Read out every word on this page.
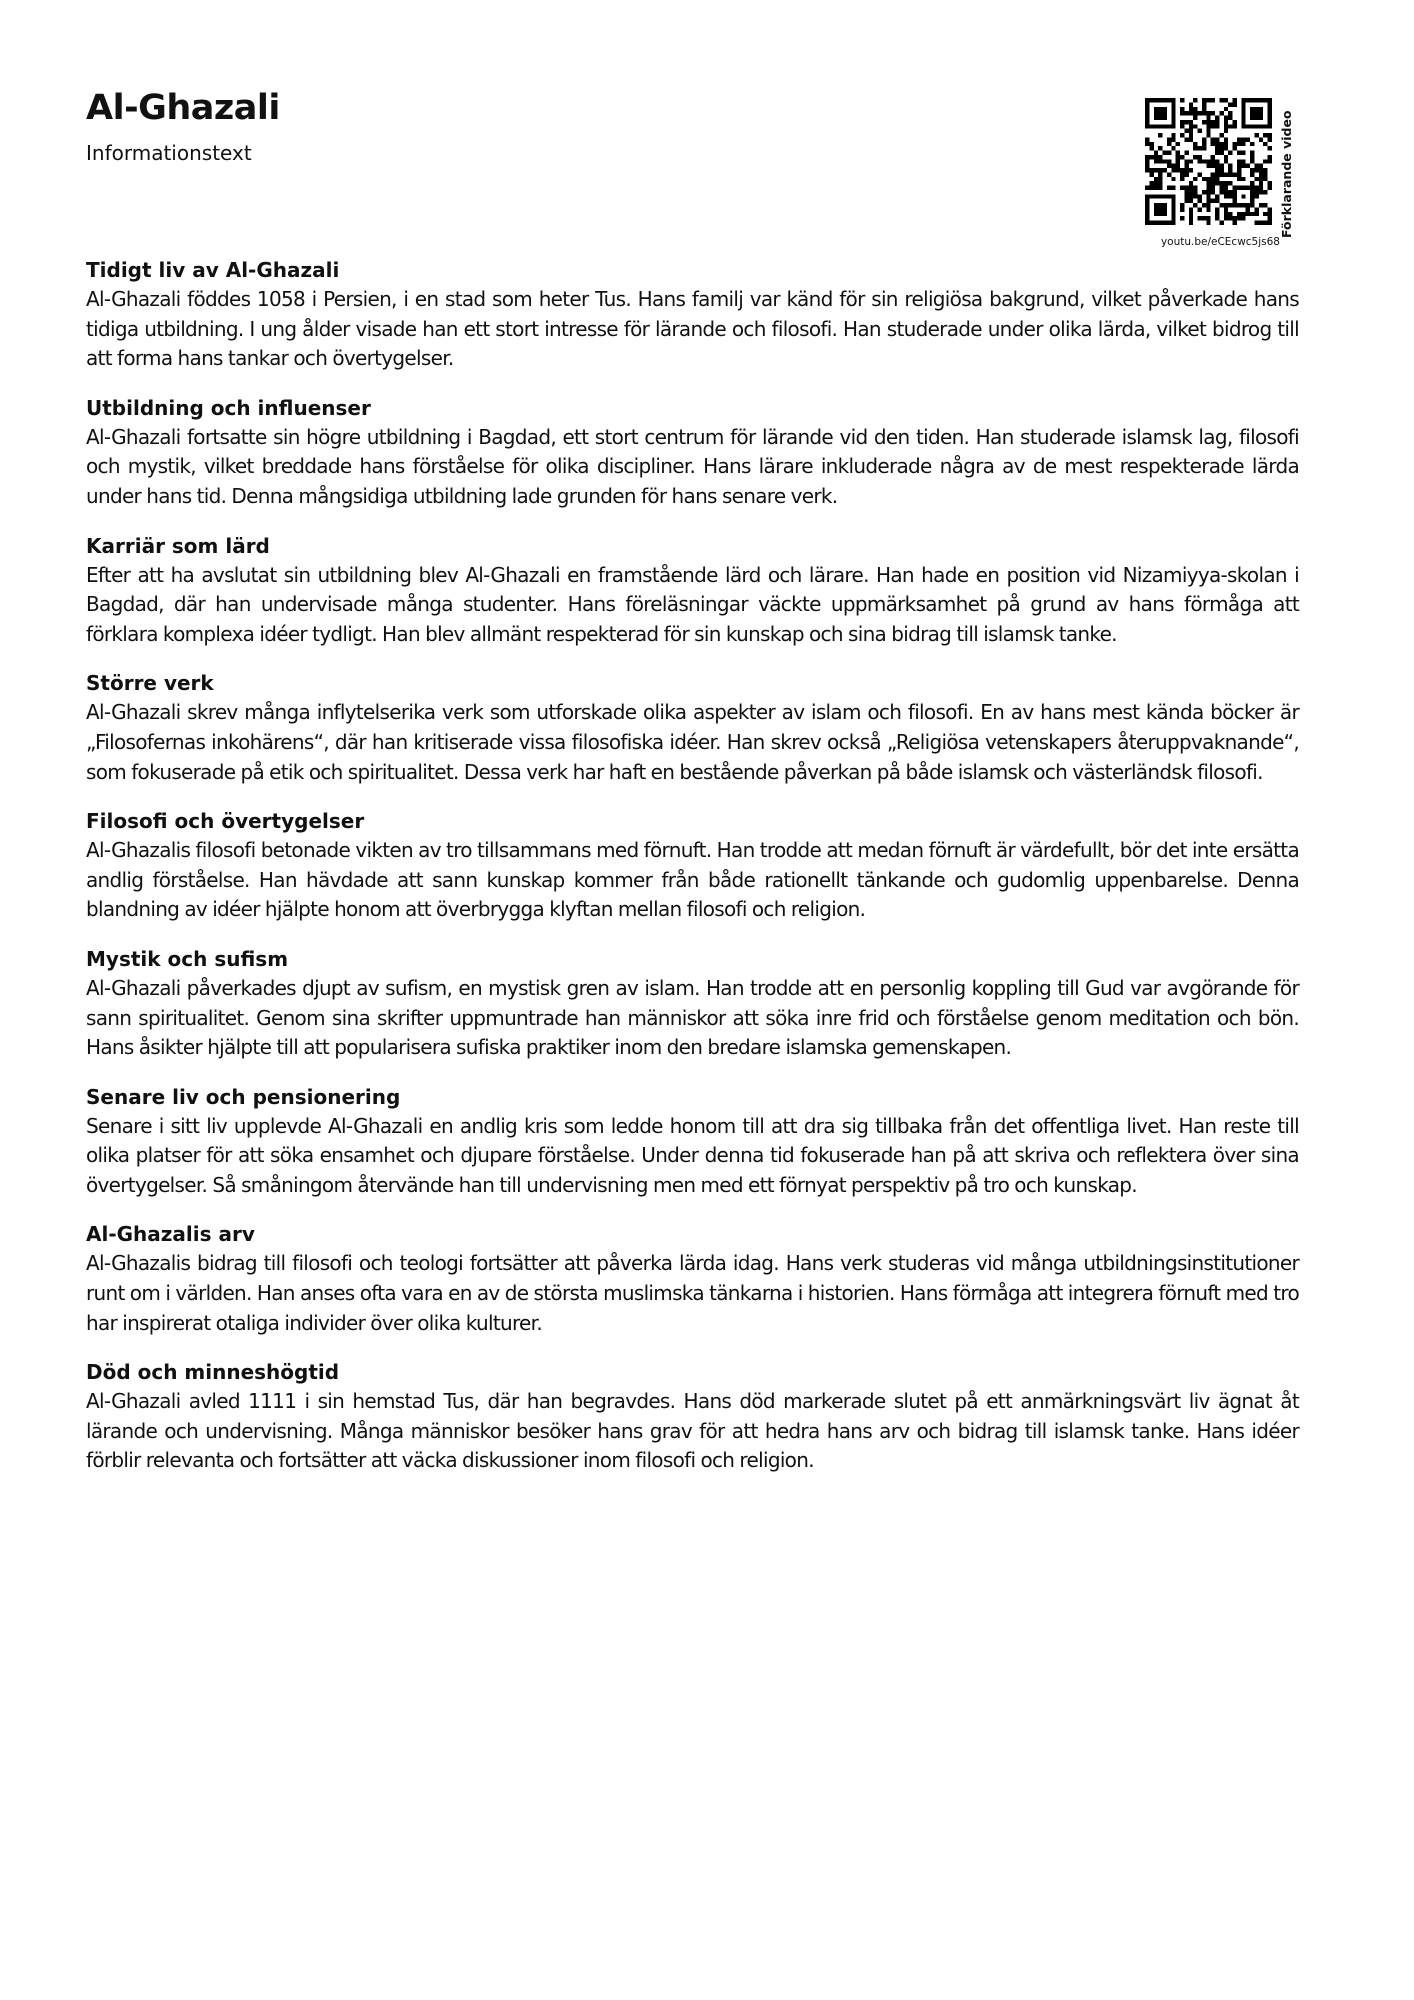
Al-Ghazali
Informationstext	Förklarande video
youtu.be/eCEcwc5js68
Tidigt liv av Al-Ghazali

Al-Ghazali föddes 1058 i Persien, i en stad som heter Tus. Hans familj var känd för sin religiösa bakgrund, vilket påverkade hans tidiga utbildning. I ung ålder visade han ett stort intresse för lärande och filosofi. Han studerade under olika lärda, vilket bidrog till att forma hans tankar och övertygelser.

Utbildning och influenser

Al-Ghazali fortsatte sin högre utbildning i Bagdad, ett stort centrum för lärande vid den tiden. Han studerade islamsk lag, filosofi och mystik, vilket breddade hans förståelse för olika discipliner. Hans lärare inkluderade några av de mest respekterade lärda under hans tid. Denna mångsidiga utbildning lade grunden för hans senare verk.

Karriär som lärd

Efter att ha avslutat sin utbildning blev Al-Ghazali en framstående lärd och lärare. Han hade en position vid Nizamiyya-skolan i Bagdad, där han undervisade många studenter. Hans föreläsningar väckte uppmärksamhet på grund av hans förmåga att förklara komplexa idéer tydligt. Han blev allmänt respekterad för sin kunskap och sina bidrag till islamsk tanke.

Större verk

Al-Ghazali skrev många inflytelserika verk som utforskade olika aspekter av islam och filosofi. En av hans mest kända böcker är „Filosofernas inkohärens“, där han kritiserade vissa filosofiska idéer. Han skrev också „Religiösa vetenskapers återuppvaknande“, som fokuserade på etik och spiritualitet. Dessa verk har haft en bestående påverkan på både islamsk och västerländsk filosofi.

Filosofi och övertygelser

Al-Ghazalis filosofi betonade vikten av tro tillsammans med förnuft. Han trodde att medan förnuft är värdefullt, bör det inte ersätta andlig förståelse. Han hävdade att sann kunskap kommer från både rationellt tänkande och gudomlig uppenbarelse. Denna blandning av idéer hjälpte honom att överbrygga klyftan mellan filosofi och religion.

Mystik och sufism

Al-Ghazali påverkades djupt av sufism, en mystisk gren av islam. Han trodde att en personlig koppling till Gud var avgörande för sann spiritualitet. Genom sina skrifter uppmuntrade han människor att söka inre frid och förståelse genom meditation och bön. Hans åsikter hjälpte till att popularisera sufiska praktiker inom den bredare islamska gemenskapen.

Senare liv och pensionering

Senare i sitt liv upplevde Al-Ghazali en andlig kris som ledde honom till att dra sig tillbaka från det offentliga livet. Han reste till olika platser för att söka ensamhet och djupare förståelse. Under denna tid fokuserade han på att skriva och reflektera över sina övertygelser. Så småningom återvände han till undervisning men med ett förnyat perspektiv på tro och kunskap.

Al-Ghazalis arv

Al-Ghazalis bidrag till filosofi och teologi fortsätter att påverka lärda idag. Hans verk studeras vid många utbildningsinstitutioner runt om i världen. Han anses ofta vara en av de största muslimska tänkarna i historien. Hans förmåga att integrera förnuft med tro har inspirerat otaliga individer över olika kulturer.

Död och minneshögtid

Al-Ghazali avled 1111 i sin hemstad Tus, där han begravdes. Hans död markerade slutet på ett anmärkningsvärt liv ägnat åt lärande och undervisning. Många människor besöker hans grav för att hedra hans arv och bidrag till islamsk tanke. Hans idéer förblir relevanta och fortsätter att väcka diskussioner inom filosofi och religion.
